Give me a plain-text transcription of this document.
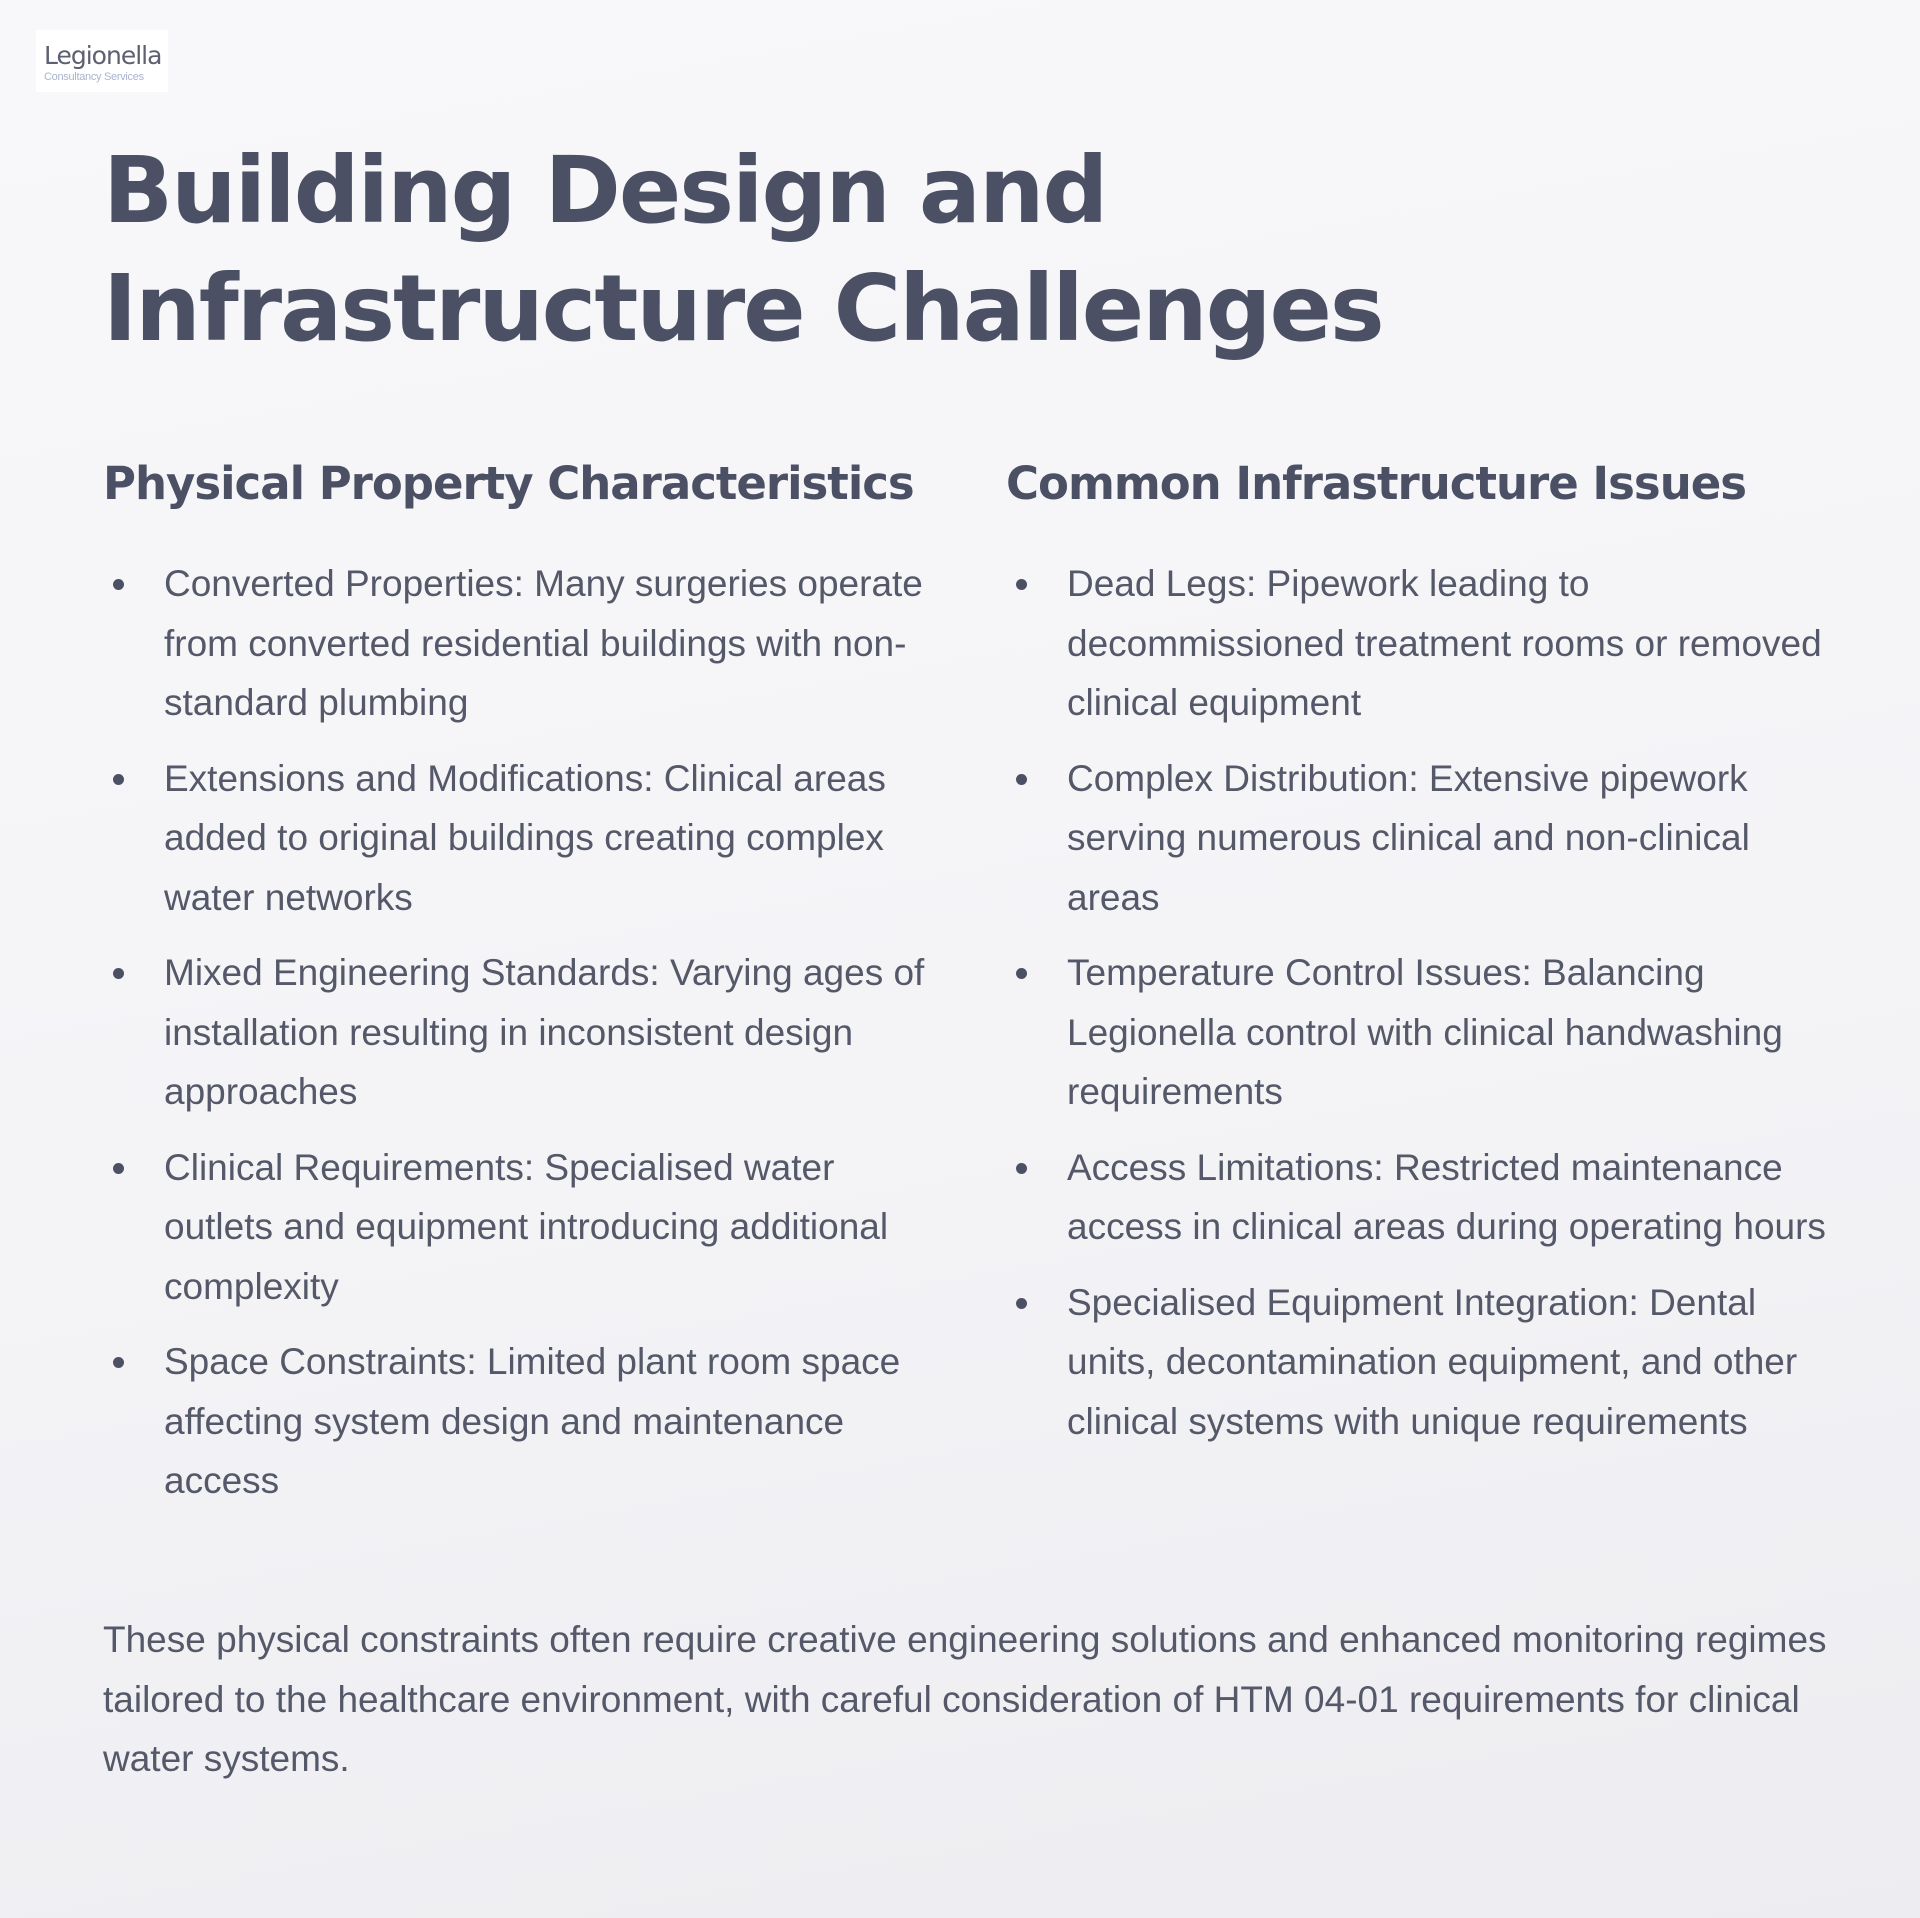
Legionella
Consultancy Services
Building Design and Infrastructure Challenges
Physical Property Characteristics
Converted Properties: Many surgeries operate from converted residential buildings with non-standard plumbing
Extensions and Modifications: Clinical areas added to original buildings creating complex water networks
Mixed Engineering Standards: Varying ages of installation resulting in inconsistent design approaches
Clinical Requirements: Specialised water outlets and equipment introducing additional complexity
Space Constraints: Limited plant room space affecting system design and maintenance access
Common Infrastructure Issues
Dead Legs: Pipework leading to decommissioned treatment rooms or removed clinical equipment
Complex Distribution: Extensive pipework serving numerous clinical and non-clinical areas
Temperature Control Issues: Balancing Legionella control with clinical handwashing requirements
Access Limitations: Restricted maintenance access in clinical areas during operating hours
Specialised Equipment Integration: Dental units, decontamination equipment, and other clinical systems with unique requirements

These physical constraints often require creative engineering solutions and enhanced monitoring regimes tailored to the healthcare environment, with careful consideration of HTM 04-01 requirements for clinical water systems.
